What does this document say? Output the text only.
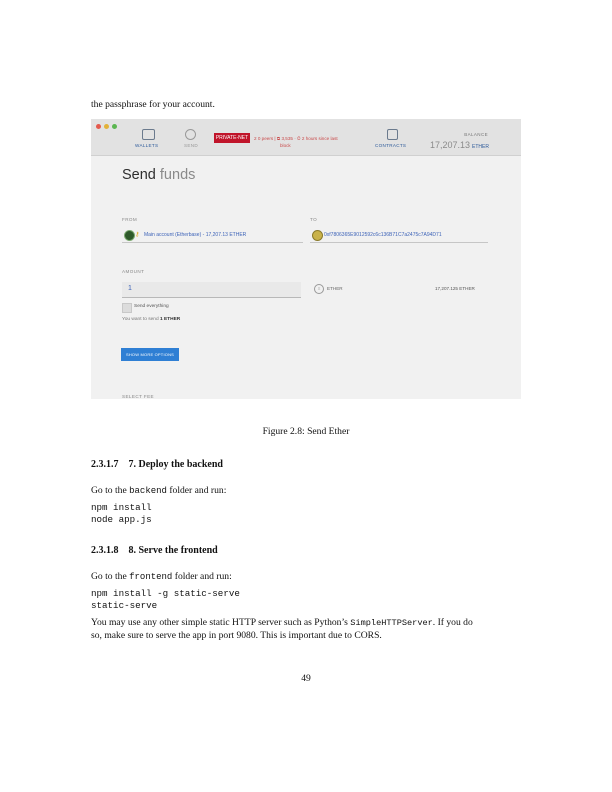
the passphrase for your account.
WALLETS	SEND
PRIVATE-NET	2 0 peers | ⧉ 3,535 · ⏱ 2 hours since last
block	CONTRACTS
BALANCE
17,207.13 ETHER
Send funds
FROM
⚷ Main account (Etherbase) - 17,207.13 ETHER
TO
0xf7806365E9012592c6c136B71C7a2475c7A94D71
AMOUNT
1	Ξ	ETHER	17,207.125 ETHER
Send everything
You want to send 1 ETHER
SHOW MORE OPTIONS
SELECT FEE
Figure 2.8: Send Ether
2.3.1.7 7. Deploy the backend
Go to the backend folder and run:
npm install
node app.js
2.3.1.8 8. Serve the frontend
Go to the frontend folder and run:
npm install -g static-serve
static-serve
You may use any other simple static HTTP server such as Python’s SimpleHTTPServer. If you do
so, make sure to serve the app in port 9080. This is important due to CORS.
49
